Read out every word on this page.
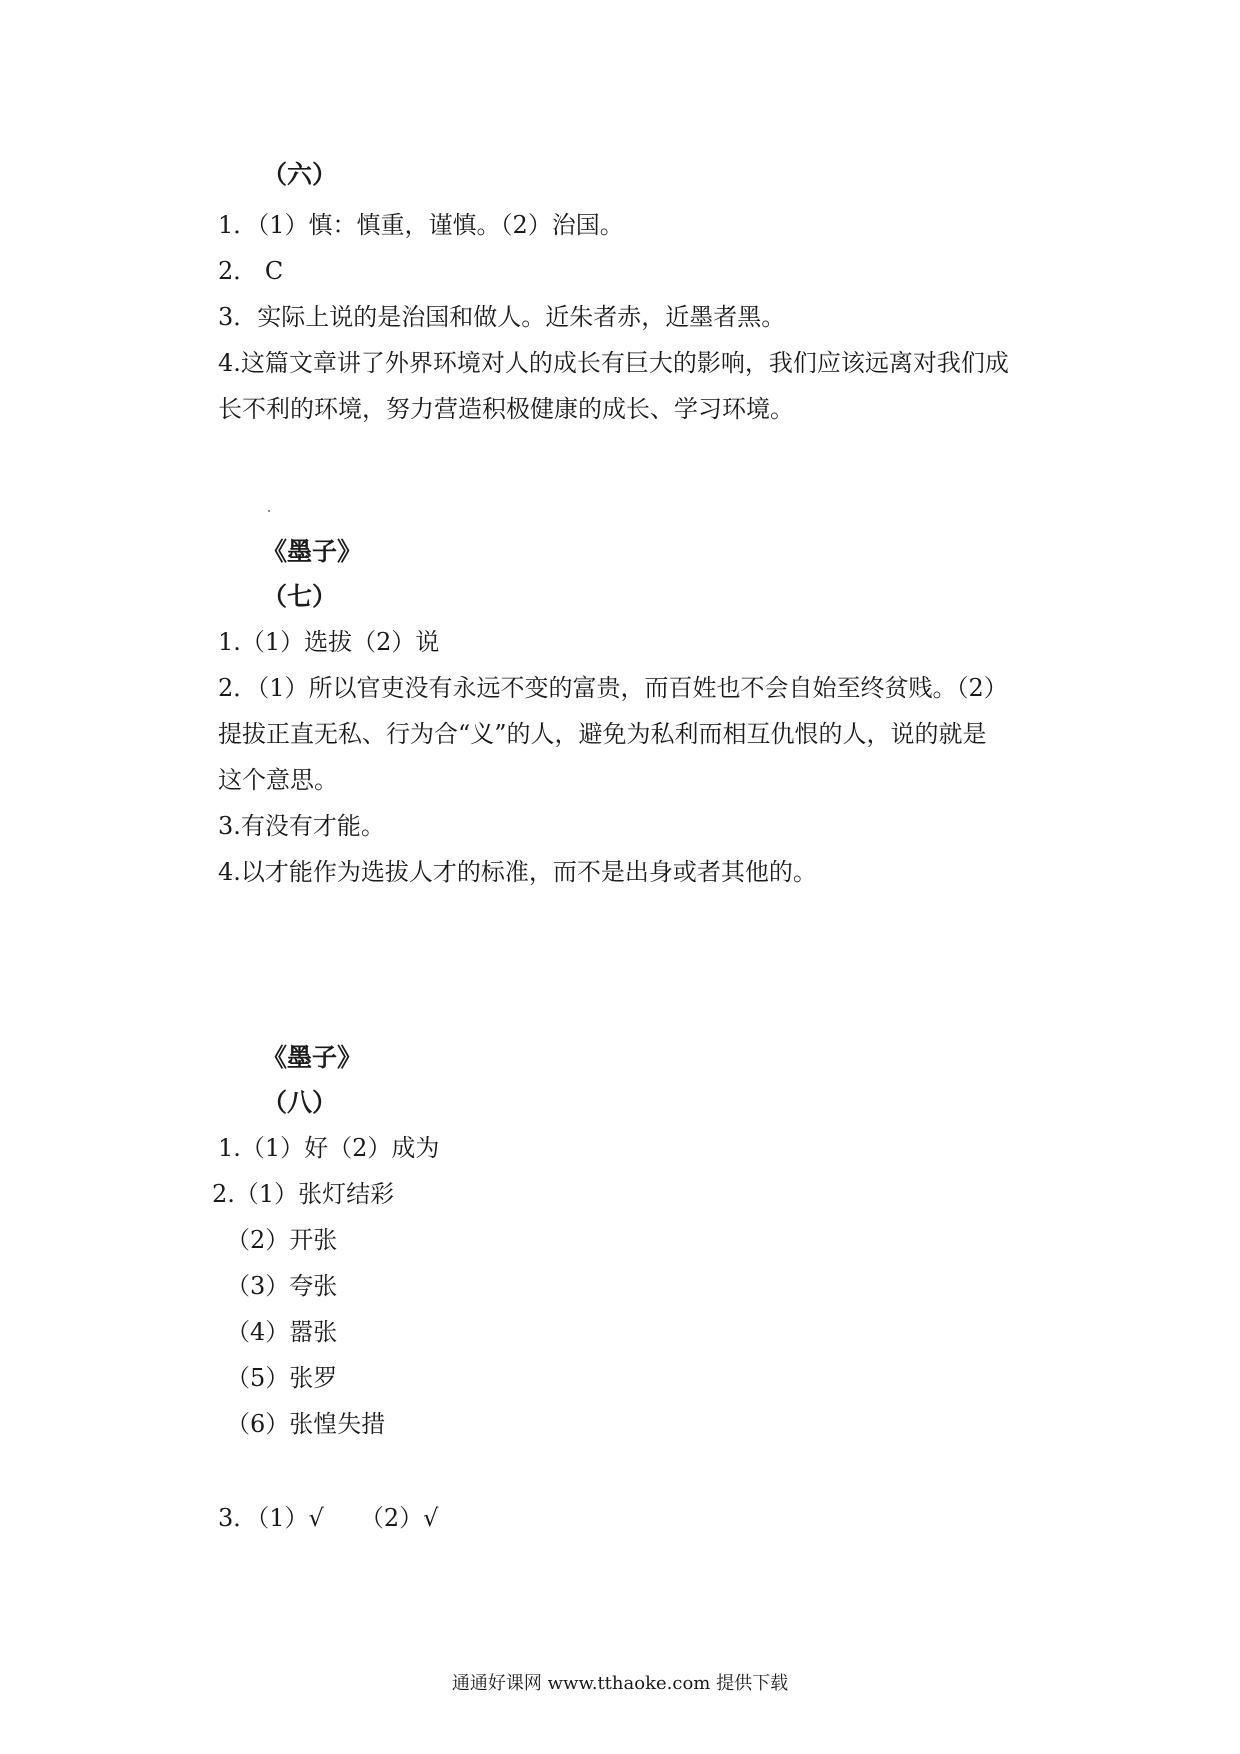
（六）
1．（1）慎：慎重，谨慎。（2）治国。
2． C
3．实际上说的是治国和做人。近朱者赤，近墨者黑。
4.这篇文章讲了外界环境对人的成长有巨大的影响，我们应该远离对我们成
长不利的环境，努力营造积极健康的成长、学习环境。
《墨子》
（七）
1.（1）选拔（2）说
2．（1）所以官吏没有永远不变的富贵，而百姓也不会自始至终贫贱。（2）
提拔正直无私、行为合“义”的人，避免为私利而相互仇恨的人，说的就是
这个意思。
3.有没有才能。
4.以才能作为选拔人才的标准，而不是出身或者其他的。
《墨子》
（八）
1.（1）好（2）成为
2.（1）张灯结彩
（2）开张
（3）夸张
（4）嚣张
（5）张罗
（6）张惶失措
3．（1）√　　（2）√
通通好课网 www.tthaoke.com 提供下载
